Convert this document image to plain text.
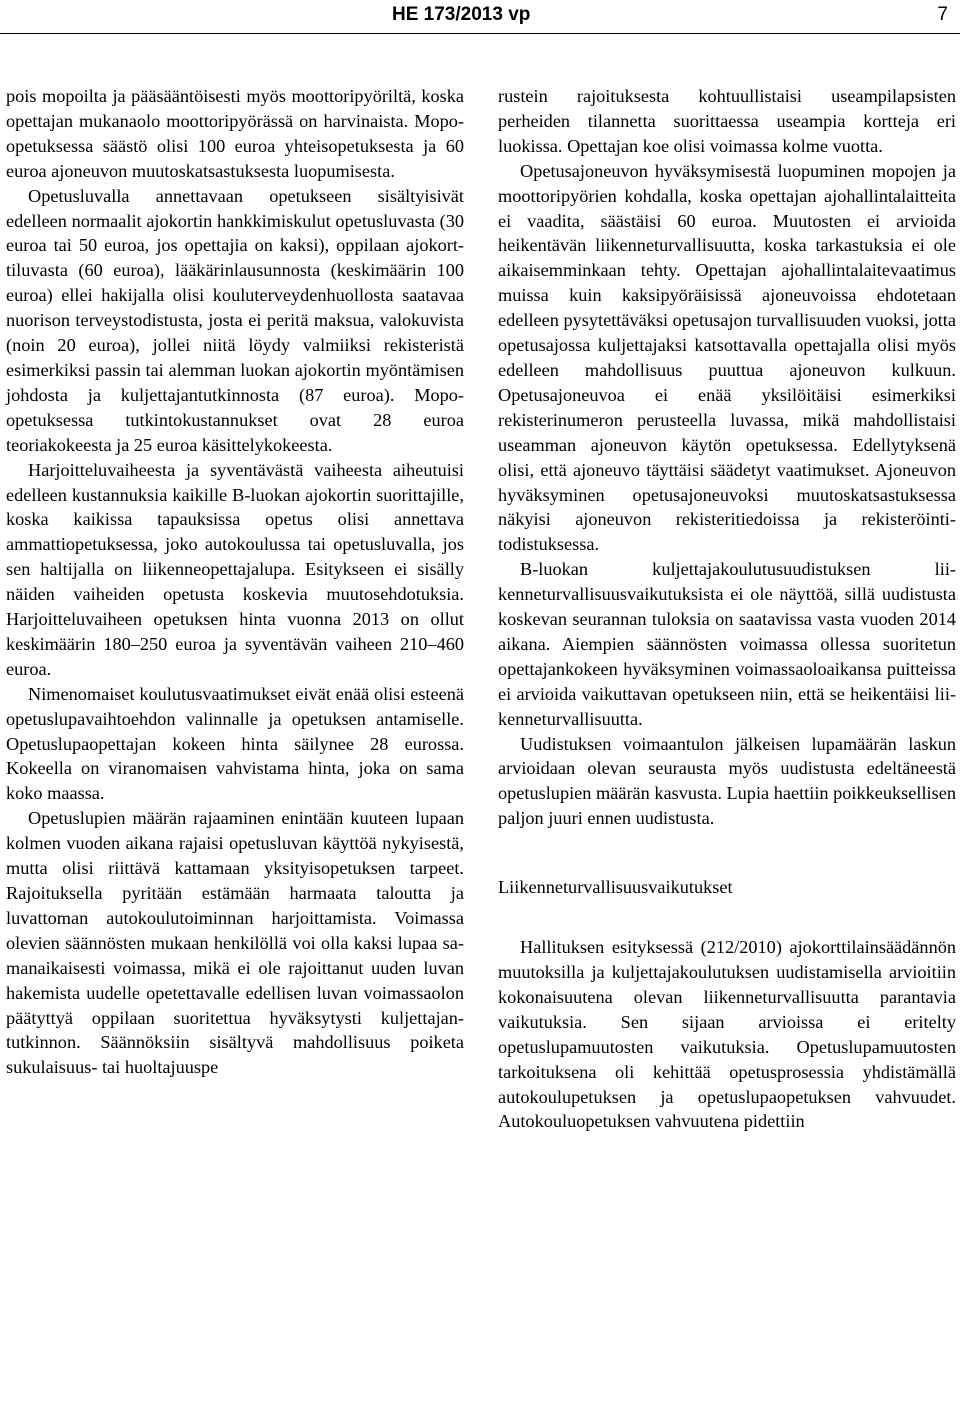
HE 173/2013 vp	7

pois mopoilta ja pääsääntöisesti myös moottoripyöriltä, koska opettajan mukanaolo moottoripyörässä on harvinaista. Mopoopetuksessa säästö olisi 100 euroa yhteisopetuksesta ja 60 euroa ajoneuvon muutoskatsastuksesta luopumisesta.

Opetusluvalla annettavaan opetukseen sisältyisivät edelleen normaalit ajokortin hankkimiskulut opetusluvasta (30 euroa tai 50 euroa, jos opettajia on kaksi), oppilaan ajokorttiluvasta (60 euroa), lääkärinlausunnosta (keskimäärin 100 euroa) ellei hakijalla olisi kouluterveydenhuollosta saatavaa nuorison terveystodistusta, josta ei peritä maksua, valokuvista (noin 20 euroa), jollei niitä löydy valmiiksi rekisteristä esimerkiksi passin tai alemman luokan ajokortin myöntämisen johdosta ja kuljettajantutkinnosta (87 euroa). Mopo-opetuksessa tutkintokustannukset ovat 28 euroa teoriakokeesta ja 25 euroa käsittelykokeesta.

Harjoitteluvaiheesta ja syventävästä vaiheesta aiheutuisi edelleen kustannuksia kaikille B-luokan ajokortin suorittajille, koska kaikissa tapauksissa opetus olisi annettava ammattiopetuksessa, joko autokoulussa tai opetusluvalla, jos sen haltijalla on liikenneopettajalupa. Esitykseen ei sisälly näiden vaiheiden opetusta koskevia muutosehdotuksia. Harjoitteluvaiheen opetuksen hinta vuonna 2013 on ollut keskimäärin 180–250 euroa ja syventävän vaiheen 210–460 euroa.

Nimenomaiset koulutusvaatimukset eivät enää olisi esteenä opetuslupavaihtoehdon valinnalle ja opetuksen antamiselle. Opetuslupaopettajan kokeen hinta säilynee 28 eurossa. Kokeella on viranomaisen vahvistama hinta, joka on sama koko maassa.

Opetuslupien määrän rajaaminen enintään kuuteen lupaan kolmen vuoden aikana rajaisi opetusluvan käyttöä nykyisestä, mutta olisi riittävä kattamaan yksityisopetuksen tarpeet. Rajoituksella pyritään estämään harmaata taloutta ja luvattoman autokoulutoiminnan harjoittamista. Voimassa olevien säännösten mukaan henkilöllä voi olla kaksi lupaa samanaikaisesti voimassa, mikä ei ole rajoittanut uuden luvan hakemista uudelle opetettavalle edellisen luvan voimassaolon päätyttyä oppilaan suoritettua hyväksytysti kuljettajantutkinnon. Säännöksiin sisältyvä mahdollisuus poiketa sukulaisuus- tai huoltajuuspe

rustein rajoituksesta kohtuullistaisi useampilapsisten perheiden tilannetta suorittaessa useampia kortteja eri luokissa. Opettajan koe olisi voimassa kolme vuotta.

Opetusajoneuvon hyväksymisestä luopuminen mopojen ja moottoripyörien kohdalla, koska opettajan ajohallintalaitteita ei vaadita, säästäisi 60 euroa. Muutosten ei arvioida heikentävän liikenneturvallisuutta, koska tarkastuksia ei ole aikaisemminkaan tehty. Opettajan ajohallintalaitevaatimus muissa kuin kaksipyöräisissä ajoneuvoissa ehdotetaan edelleen pysytettäväksi opetusajon turvallisuuden vuoksi, jotta opetusajossa kuljettajaksi katsottavalla opettajalla olisi myös edelleen mahdollisuus puuttua ajoneuvon kulkuun. Opetusajoneuvoa ei enää yksilöitäisi esimerkiksi rekisterinumeron perusteella luvassa, mikä mahdollistaisi useamman ajoneuvon käytön opetuksessa. Edellytyksenä olisi, että ajoneuvo täyttäisi säädetyt vaatimukset. Ajoneuvon hyväksyminen opetusajoneuvoksi muutoskatsastuksessa näkyisi ajoneuvon rekisteritiedoissa ja rekisteröintitodistuksessa.

B-luokan kuljettajakoulutusuudistuksen liikenneturvallisuusvaikutuksista ei ole näyttöä, sillä uudistusta koskevan seurannan tuloksia on saatavissa vasta vuoden 2014 aikana. Aiempien säännösten voimassa ollessa suoritetun opettajankokeen hyväksyminen voimassaoloaikansa puitteissa ei arvioida vaikuttavan opetukseen niin, että se heikentäisi liikenneturvallisuutta.

Uudistuksen voimaantulon jälkeisen lupamäärän laskun arvioidaan olevan seurausta myös uudistusta edeltäneestä opetuslupien määrän kasvusta. Lupia haettiin poikkeuksellisen paljon juuri ennen uudistusta.

Liikenneturvallisuusvaikutukset

Hallituksen esityksessä (212/2010) ajokorttilainsäädännön muutoksilla ja kuljettajakoulutuksen uudistamisella arvioitiin kokonaisuutena olevan liikenneturvallisuutta parantavia vaikutuksia. Sen sijaan arvioissa ei eritelty opetuslupamuutosten vaikutuksia. Opetuslupamuutosten tarkoituksena oli kehittää opetusprosessia yhdistämällä autokoulupetuksen ja opetuslupaopetuksen vahvuudet. Autokouluopetuksen vahvuutena pidettiin
